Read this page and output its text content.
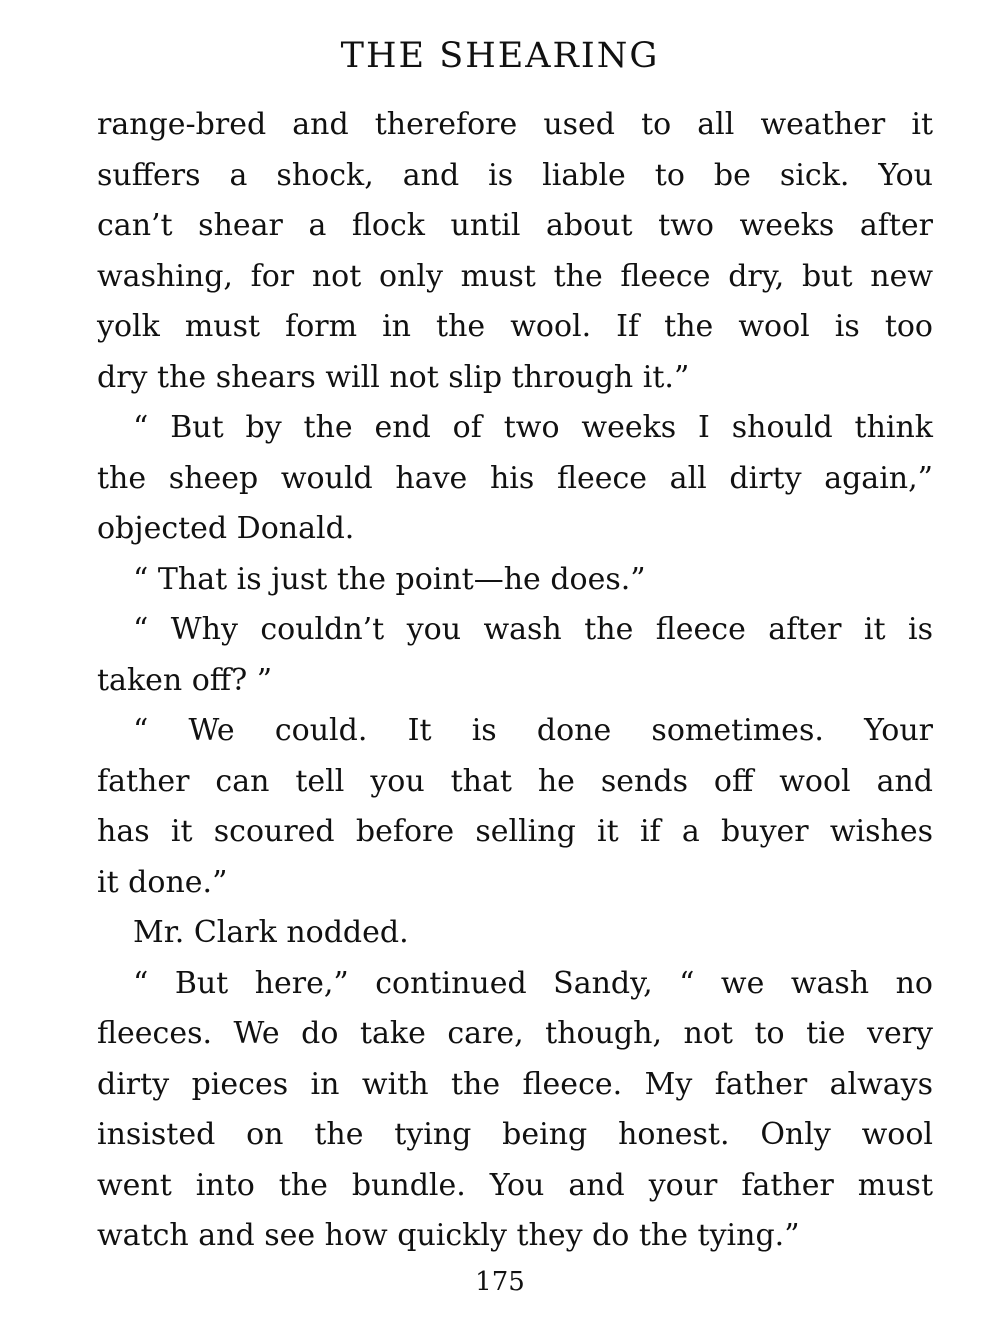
THE SHEARING
range-bred and therefore used to all weather it
suffers a shock, and is liable to be sick. You
can’t shear a flock until about two weeks after
washing, for not only must the fleece dry, but new
yolk must form in the wool. If the wool is too
dry the shears will not slip through it.”
“ But by the end of two weeks I should think
the sheep would have his fleece all dirty again,”
objected Donald.
“ That is just the point—he does.”
“ Why couldn’t you wash the fleece after it is
taken off? ”
“ We could. It is done sometimes. Your
father can tell you that he sends off wool and
has it scoured before selling it if a buyer wishes
it done.”
Mr. Clark nodded.
“ But here,” continued Sandy, “ we wash no
fleeces. We do take care, though, not to tie very
dirty pieces in with the fleece. My father always
insisted on the tying being honest. Only wool
went into the bundle. You and your father must
watch and see how quickly they do the tying.”
175
